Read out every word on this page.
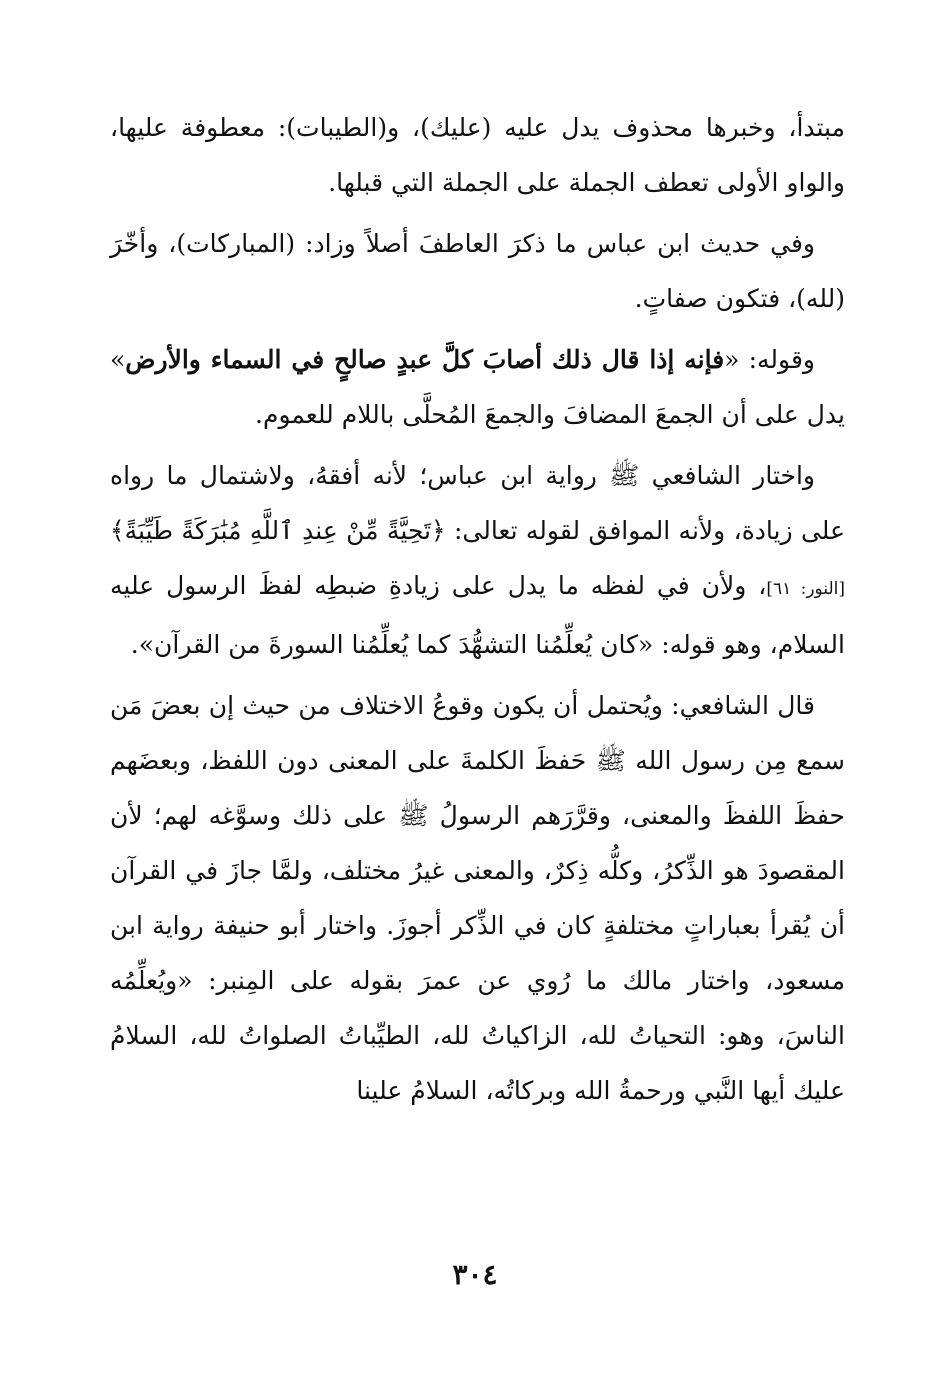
مبتدأ، وخبرها محذوف يدل عليه (عليك)، و(الطيبات): معطوفة عليها، والواو الأولى تعطف الجملة على الجملة التي قبلها.

وفي حديث ابن عباس ما ذكرَ العاطفَ أصلاً وزاد: (المباركات)، وأخّرَ (لله)، فتكون صفاتٍ.

وقوله: «فإنه إذا قال ذلك أصابَ كلَّ عبدٍ صالحٍ في السماء والأرض» يدل على أن الجمعَ المضافَ والجمعَ المُحلَّى باللام للعموم.

واختار الشافعي ﷺ رواية ابن عباس؛ لأنه أفقهُ، ولاشتمال ما رواه على زيادة، ولأنه الموافق لقوله تعالى: ﴿تَحِيَّةً مِّنْ عِندِ ٱللَّهِ مُبَٰرَكَةً طَيِّبَةً﴾[النور: ٦١]، ولأن في لفظه ما يدل على زيادةِ ضبطِه لفظَ الرسول عليه السلام، وهو قوله: «كان يُعلِّمُنا التشهُّدَ كما يُعلِّمُنا السورةَ من القرآن».

قال الشافعي: ويُحتمل أن يكون وقوعُ الاختلاف من حيث إن بعضَ مَن سمع مِن رسول الله ﷺ حَفظَ الكلمةَ على المعنى دون اللفظ، وبعضَهم حفظَ اللفظَ والمعنى، وقرَّرَهم الرسولُ ﷺ على ذلك وسوَّغه لهم؛ لأن المقصودَ هو الذِّكرُ، وكلُّه ذِكرٌ، والمعنى غيرُ مختلف، ولمَّا جازَ في القرآن أن يُقرأ بعباراتٍ مختلفةٍ كان في الذِّكر أجوزَ. واختار أبو حنيفة رواية ابن مسعود، واختار مالك ما رُوي عن عمرَ بقوله على المِنبر: «ويُعلِّمُه الناسَ، وهو: التحياتُ لله، الزاكياتُ لله، الطيِّباتُ الصلواتُ لله، السلامُ عليك أيها النَّبي ورحمةُ الله وبركاتُه، السلامُ علينا

٣٠٤
